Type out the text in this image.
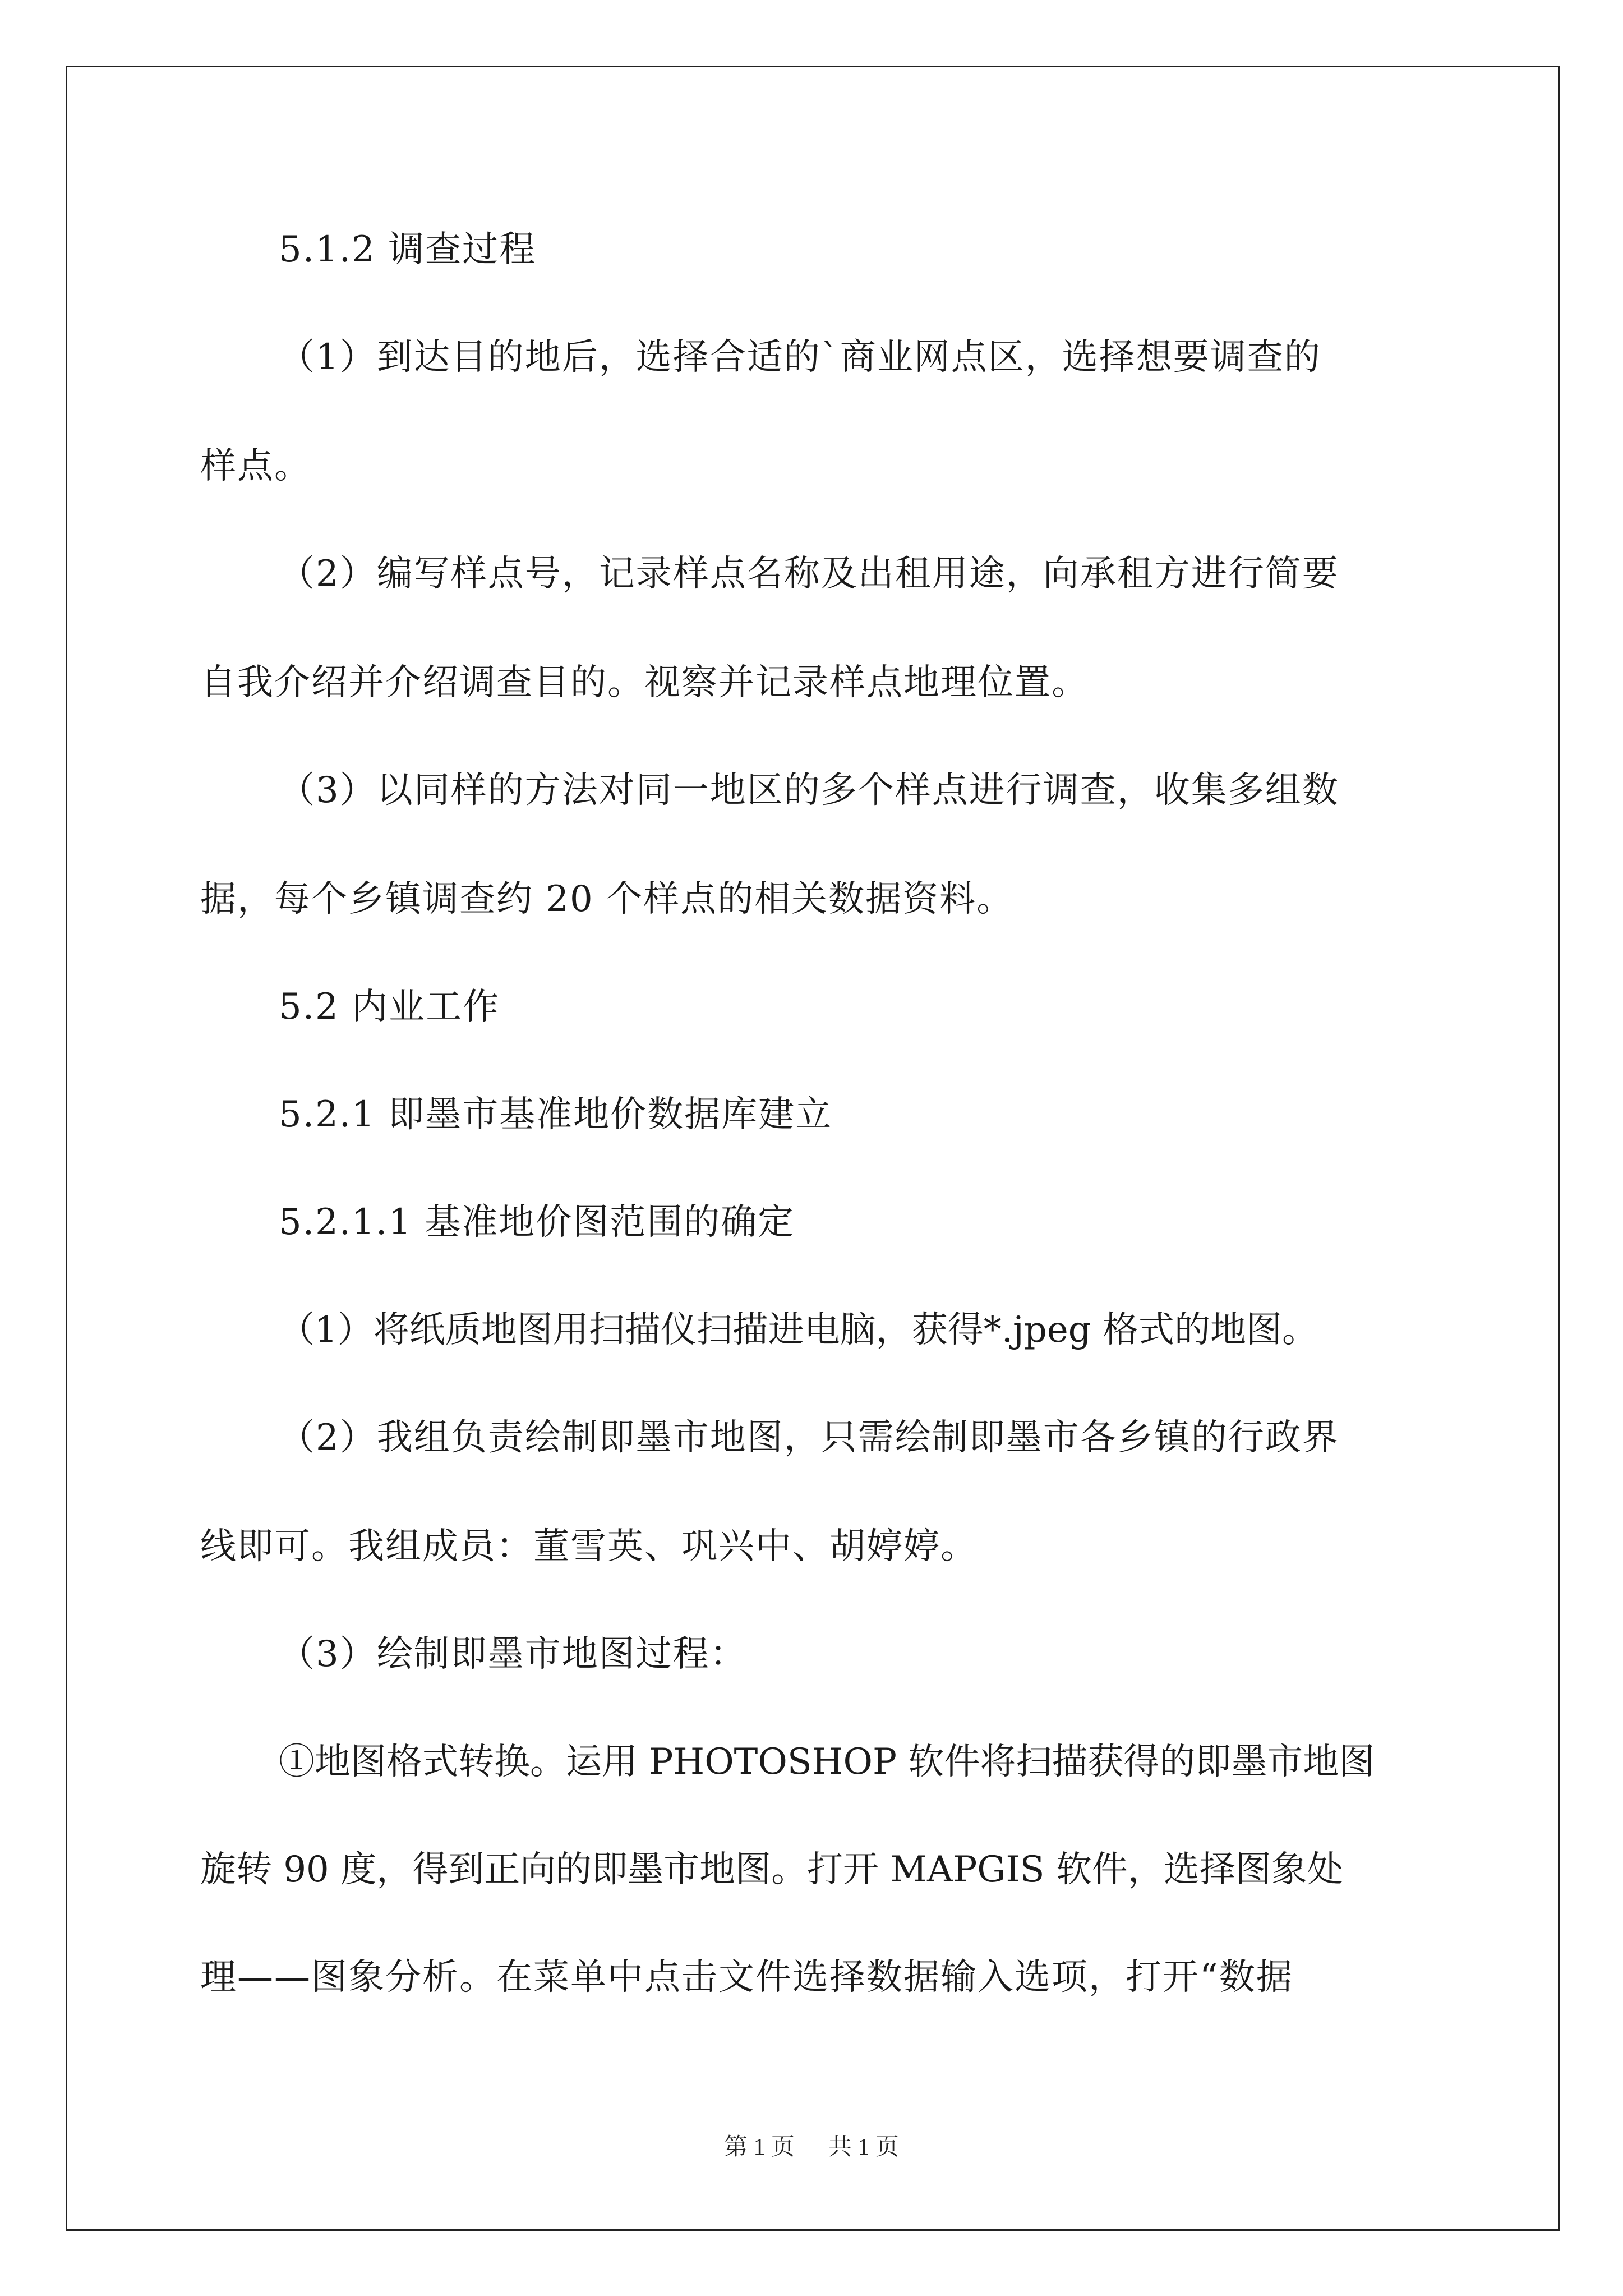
5.1.2 调查过程
（1）到达目的地后，选择合适的`商业网点区，选择想要调查的
样点。
（2）编写样点号，记录样点名称及出租用途，向承租方进行简要
自我介绍并介绍调查目的。视察并记录样点地理位置。
（3）以同样的方法对同一地区的多个样点进行调查，收集多组数
据，每个乡镇调查约 20 个样点的相关数据资料。
5.2 内业工作
5.2.1 即墨市基准地价数据库建立
5.2.1.1 基准地价图范围的确定
（1）将纸质地图用扫描仪扫描进电脑，获得*.jpeg 格式的地图。
（2）我组负责绘制即墨市地图，只需绘制即墨市各乡镇的行政界
线即可。我组成员：董雪英、巩兴中、胡婷婷。
（3）绘制即墨市地图过程：
①地图格式转换。运用 PHOTOSHOP 软件将扫描获得的即墨市地图
旋转 90 度，得到正向的即墨市地图。打开 MAPGIS 软件，选择图象处
理——图象分析。在菜单中点击文件选择数据输入选项，打开“数据
第 1 页 共 1 页
